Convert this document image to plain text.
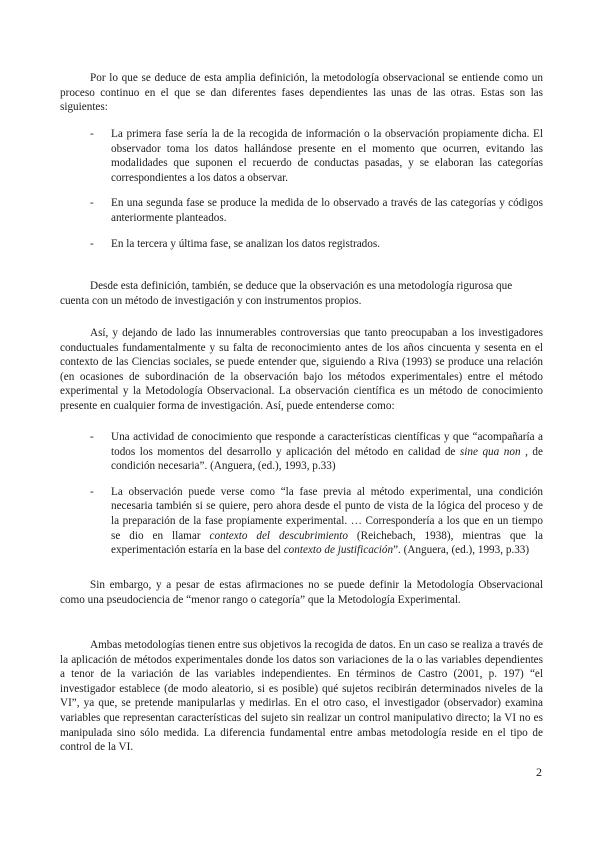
Por lo que se deduce de esta amplia definición, la metodología observacional se entiende como un proceso continuo en el que se dan diferentes fases dependientes las unas de las otras. Estas son las siguientes:

- La primera fase sería la de la recogida de información o la observación propiamente dicha. El observador toma los datos hallándose presente en el momento que ocurren, evitando las modalidades que suponen el recuerdo de conductas pasadas, y se elaboran las categorías correspondientes a los datos a observar.
- En una segunda fase se produce la medida de lo observado a través de las categorías y códigos anteriormente planteados.
- En la tercera y última fase, se analizan los datos registrados.

Desde esta definición, también, se deduce que la observación es una metodología rigurosa que cuenta con un método de investigación y con instrumentos propios.

Así, y dejando de lado las innumerables controversias que tanto preocupaban a los investigadores conductuales fundamentalmente y su falta de reconocimiento antes de los años cincuenta y sesenta en el contexto de las Ciencias sociales, se puede entender que, siguiendo a Riva (1993) se produce una relación (en ocasiones de subordinación de la observación bajo los métodos experimentales) entre el método experimental y la Metodología Observacional. La observación científica es un método de conocimiento presente en cualquier forma de investigación. Así, puede entenderse como:

- Una actividad de conocimiento que responde a características científicas y que “acompañaría a todos los momentos del desarrollo y aplicación del método en calidad de sine qua non , de condición necesaria”. (Anguera, (ed.), 1993, p.33)
- La observación puede verse como “la fase previa al método experimental, una condición necesaria también si se quiere, pero ahora desde el punto de vista de la lógica del proceso y de la preparación de la fase propiamente experimental. … Correspondería a los que en un tiempo se dio en llamar contexto del descubrimiento (Reichebach, 1938), mientras que la experimentación estaría en la base del contexto de justificación”. (Anguera, (ed.), 1993, p.33)

Sin embargo, y a pesar de estas afirmaciones no se puede definir la Metodología Observacional como una pseudociencia de “menor rango o categoría” que la Metodología Experimental.

Ambas metodologías tienen entre sus objetivos la recogida de datos. En un caso se realiza a través de la aplicación de métodos experimentales donde los datos son variaciones de la o las variables dependientes a tenor de la variación de las variables independientes. En términos de Castro (2001, p. 197) “el investigador establece (de modo aleatorio, si es posible) qué sujetos recibirán determinados niveles de la VI”, ya que, se pretende manipularlas y medirlas. En el otro caso, el investigador (observador) examina variables que representan características del sujeto sin realizar un control manipulativo directo; la VI no es manipulada sino sólo medida. La diferencia fundamental entre ambas metodología reside en el tipo de control de la VI.

2
